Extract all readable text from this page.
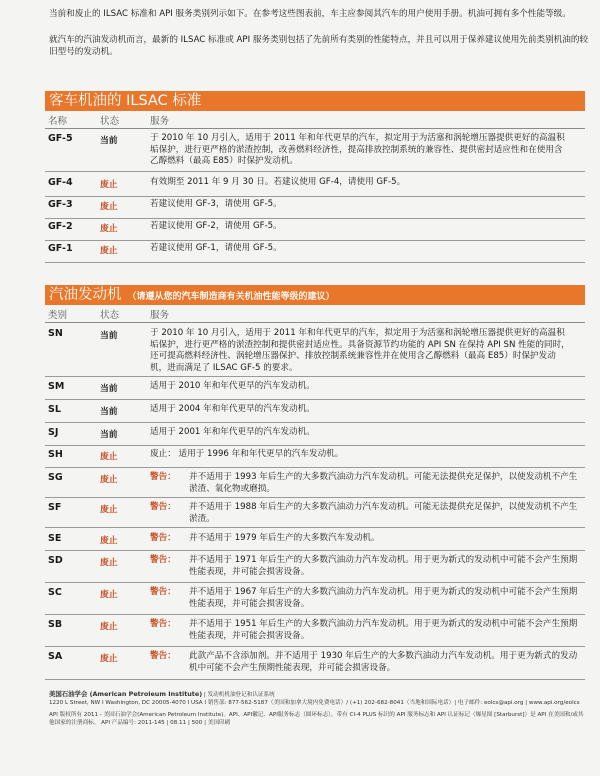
当前和废止的 ILSAC 标准和 API 服务类别列示如下。在参考这些图表前，车主应参阅其汽车的用户使用手册。机油可拥有多个性能等级。

就汽车的汽油发动机而言，最新的 ILSAC 标准或 API 服务类别包括了先前所有类别的性能特点，并且可以用于保养建议使用先前类别机油的较旧型号的发动机。

客车机油的 ILSAC 标准
名称	状态	服务
GF-5	当前	于 2010 年 10 月引入，适用于 2011 年和年代更早的汽车，拟定用于为活塞和涡轮增压器提供更好的高温积垢保护，进行更严格的淤渣控制，改善燃料经济性，提高排放控制系统的兼容性、提供密封适应性和在使用含乙醇燃料（最高 E85）时保护发动机。
GF-4	废止	有效期至 2011 年 9 月 30 日。若建议使用 GF-4，请使用 GF-5。
GF-3	废止	若建议使用 GF-3，请使用 GF-5。
GF-2	废止	若建议使用 GF-2，请使用 GF-5。
GF-1	废止	若建议使用 GF-1，请使用 GF-5。
汽油发动机 （请遵从您的汽车制造商有关机油性能等级的建议）
类别	状态	服务
SN	当前	于 2010 年 10 月引入，适用于 2011 年和年代更早的汽车，拟定用于为活塞和涡轮增压器提供更好的高温积垢保护，进行更严格的淤渣控制和提供密封适应性。具备资源节约功能的 API SN 在保持 API SN 性能的同时，还可提高燃料经济性、涡轮增压器保护、排放控制系统兼容性并在使用含乙醇燃料（最高 E85）时保护发动机，进而满足了 ILSAC GF-5 的要求。
SM	当前	适用于 2010 年和年代更早的汽车发动机。
SL	当前	适用于 2004 年和年代更早的汽车发动机。
SJ	当前	适用于 2001 年和年代更早的汽车发动机。
SH	废止	废止： 适用于 1996 年和年代更早的汽车发动机。
SG	废止	警告：	并不适用于 1993 年后生产的大多数汽油动力汽车发动机。可能无法提供充足保护，以使发动机不产生淤渣、氧化物或磨损。
SF	废止	警告：	并不适用于 1988 年后生产的大多数汽油动力汽车发动机。可能无法提供充足保护，以使发动机不产生淤渣。
SE	废止	警告：	并不适用于 1979 年后生产的大多数汽车发动机。
SD	废止	警告：	并不适用于 1971 年后生产的大多数汽油动力汽车发动机。用于更为新式的发动机中可能不会产生预期性能表现，并可能会损害设备。
SC	废止	警告：	并不适用于 1967 年后生产的大多数汽油动力汽车发动机。用于更为新式的发动机中可能不会产生预期性能表现，并可能会损害设备。
SB	废止	警告：	并不适用于 1951 年后生产的大多数汽油动力汽车发动机。用于更为新式的发动机中可能不会产生预期性能表现，并可能会损害设备。
SA	废止	警告：	此款产品不含添加剂。并不适用于 1930 年后生产的大多数汽油动力汽车发动机。用于更为新式的发动机中可能不会产生预期性能表现，并可能会损害设备。
美国石油学会 (American Petroleum Institute) | 发动机机油登记和认证系统
1220 L Street, NW I Washington, DC 20005-4070 I USA I 销售部: 877-562-5187（美国和加拿大境内免费电话）/ (+1) 202-682-8041（当地和国际电话）| 电子邮件: eolcs@api.org | www.api.org/eolcs
API 版权所有 2011 - 美国石油学会(American Petroleum Institute)。API、API徽记、API服务标志（圆环标志），带有 CI-4 PLUS 标识的 API 服务标志和 API 认证标记（爆星图 [Starburst]）是 API 在美国和/或其他国家的注册商标。 API 产品编号: 2011-145 | 08.11 | 500 | 美国印刷
